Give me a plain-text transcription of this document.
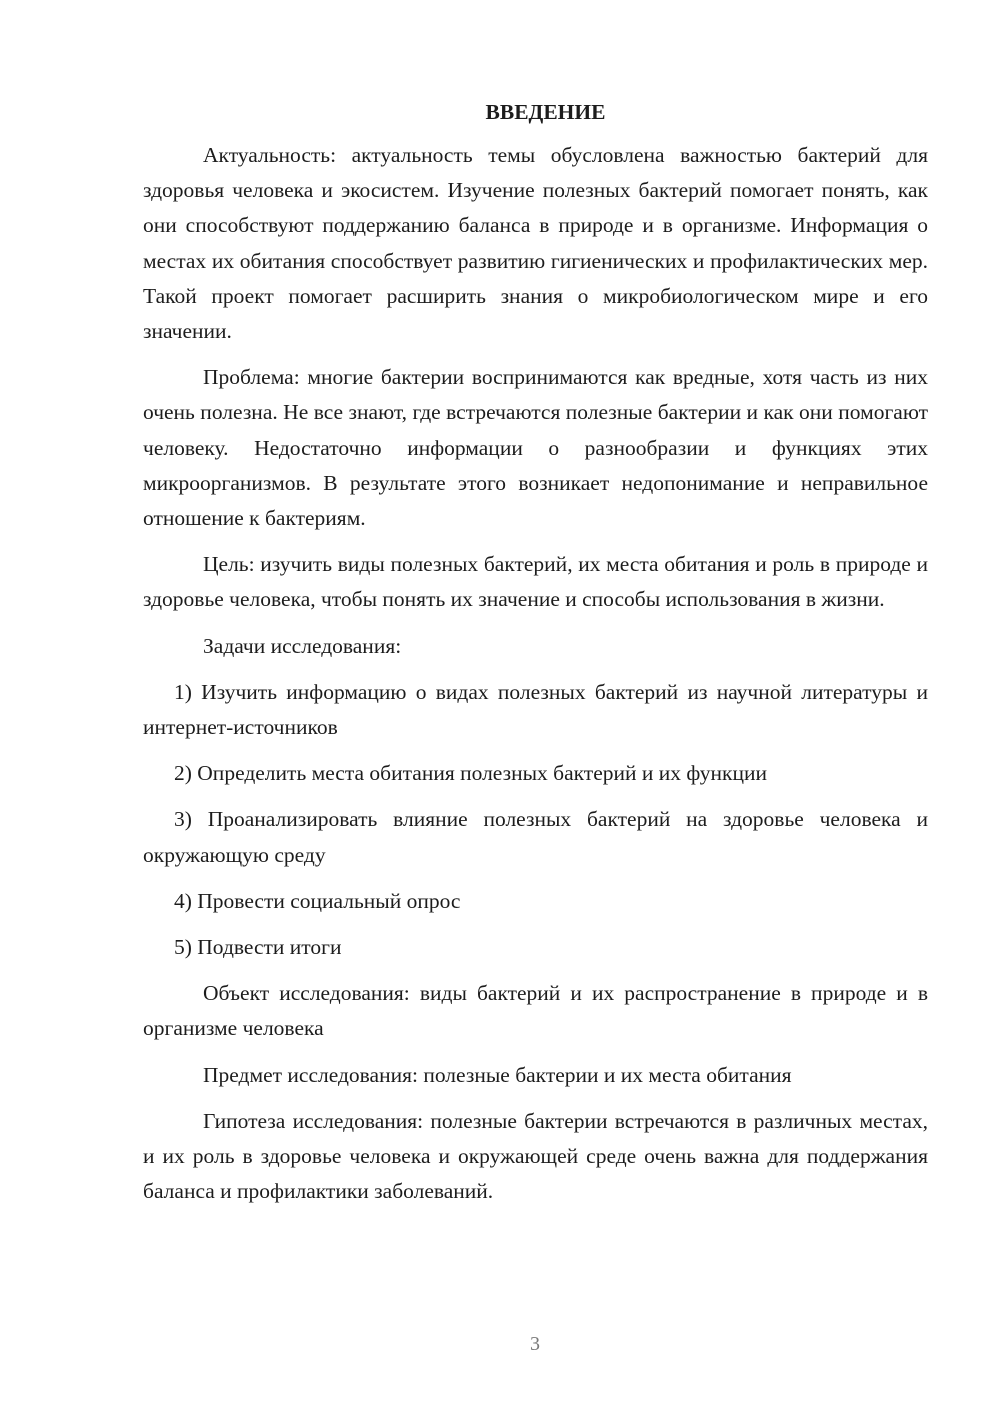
ВВЕДЕНИЕ

Актуальность: актуальность темы обусловлена важностью бактерий для здоровья человека и экосистем. Изучение полезных бактерий помогает понять, как они способствуют поддержанию баланса в природе и в организме. Информация о местах их обитания способствует развитию гигиенических и профилактических мер. Такой проект помогает расширить знания о микробиологическом мире и его значении.

Проблема: многие бактерии воспринимаются как вредные, хотя часть из них очень полезна. Не все знают, где встречаются полезные бактерии и как они помогают человеку. Недостаточно информации о разнообразии и функциях этих микроорганизмов. В результате этого возникает недопонимание и неправильное отношение к бактериям.

Цель: изучить виды полезных бактерий, их места обитания и роль в природе и здоровье человека, чтобы понять их значение и способы использования в жизни.

Задачи исследования:

1) Изучить информацию о видах полезных бактерий из научной литературы и интернет-источников

2) Определить места обитания полезных бактерий и их функции

3) Проанализировать влияние полезных бактерий на здоровье человека и окружающую среду

4) Провести социальный опрос

5) Подвести итоги

Объект исследования: виды бактерий и их распространение в природе и в организме человека

Предмет исследования: полезные бактерии и их места обитания

Гипотеза исследования: полезные бактерии встречаются в различных местах, и их роль в здоровье человека и окружающей среде очень важна для поддержания баланса и профилактики заболеваний.

3
